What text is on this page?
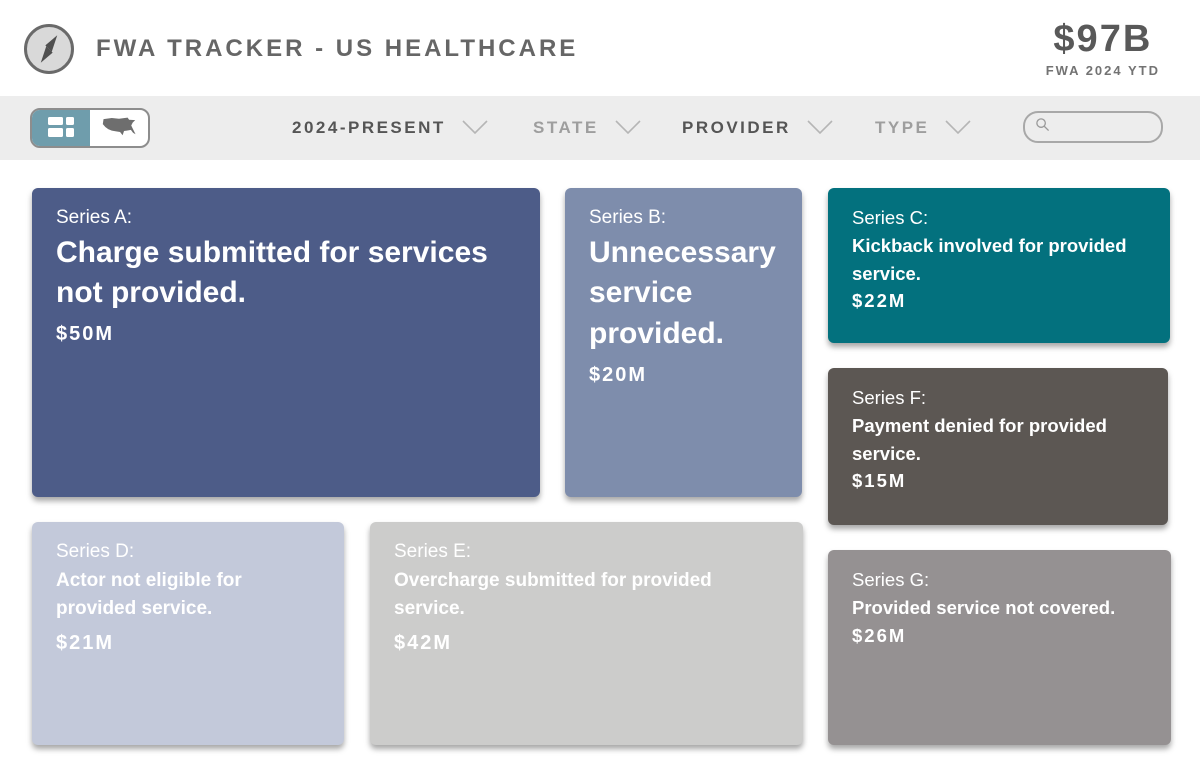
FWA TRACKER - US HEALTHCARE	$97B
FWA 2024 YTD
2024-PRESENT	STATE	PROVIDER	TYPE
Series A:
Charge submitted for services not provided.
$50M
Series B:
Unnecessary service provided.
$20M
Series C:
Kickback involved for provided service.
$22M
Series F:
Payment denied for provided service.
$15M
Series D:
Actor not eligible for provided service.
$21M
Series E:
Overcharge submitted for provided service.
$42M
Series G:
Provided service not covered.
$26M
